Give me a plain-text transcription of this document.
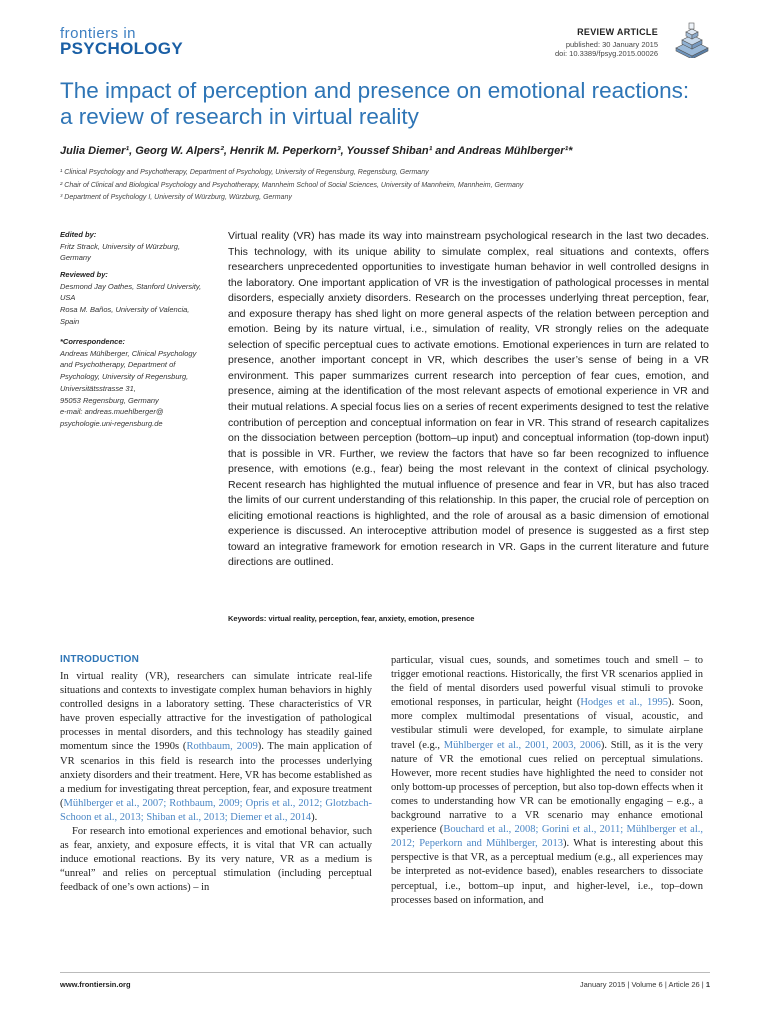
frontiers in
PSYCHOLOGY
REVIEW ARTICLE
published: 30 January 2015
doi: 10.3389/fpsyg.2015.00026
The impact of perception and presence on emotional reactions: a review of research in virtual reality
Julia Diemer¹, Georg W. Alpers², Henrik M. Peperkorn³, Youssef Shiban¹ and Andreas Mühlberger¹*
¹ Clinical Psychology and Psychotherapy, Department of Psychology, University of Regensburg, Regensburg, Germany
² Chair of Clinical and Biological Psychology and Psychotherapy, Mannheim School of Social Sciences, University of Mannheim, Mannheim, Germany
³ Department of Psychology I, University of Würzburg, Würzburg, Germany
Edited by:
Fritz Strack, University of Würzburg, Germany
Reviewed by:
Desmond Jay Oathes, Stanford University, USA
Rosa M. Baños, University of Valencia, Spain
*Correspondence:
Andreas Mühlberger, Clinical Psychology and Psychotherapy, Department of Psychology, University of Regensburg,
Universitätsstrasse 31,
95053 Regensburg, Germany
e-mail: andreas.muehlberger@
psychologie.uni-regensburg.de
Virtual reality (VR) has made its way into mainstream psychological research in the last two decades. This technology, with its unique ability to simulate complex, real situations and contexts, offers researchers unprecedented opportunities to investigate human behavior in well controlled designs in the laboratory. One important application of VR is the investigation of pathological processes in mental disorders, especially anxiety disorders. Research on the processes underlying threat perception, fear, and exposure therapy has shed light on more general aspects of the relation between perception and emotion. Being by its nature virtual, i.e., simulation of reality, VR strongly relies on the adequate selection of specific perceptual cues to activate emotions. Emotional experiences in turn are related to presence, another important concept in VR, which describes the user’s sense of being in a VR environment. This paper summarizes current research into perception of fear cues, emotion, and presence, aiming at the identification of the most relevant aspects of emotional experience in VR and their mutual relations. A special focus lies on a series of recent experiments designed to test the relative contribution of perception and conceptual information on fear in VR. This strand of research capitalizes on the dissociation between perception (bottom–up input) and conceptual information (top-down input) that is possible in VR. Further, we review the factors that have so far been recognized to influence presence, with emotions (e.g., fear) being the most relevant in the context of clinical psychology. Recent research has highlighted the mutual influence of presence and fear in VR, but has also traced the limits of our current understanding of this relationship. In this paper, the crucial role of perception on eliciting emotional reactions is highlighted, and the role of arousal as a basic dimension of emotional experience is discussed. An interoceptive attribution model of presence is suggested as a first step toward an integrative framework for emotion research in VR. Gaps in the current literature and future directions are outlined.
Keywords: virtual reality, perception, fear, anxiety, emotion, presence
INTRODUCTION

In virtual reality (VR), researchers can simulate intricate real-life situations and contexts to investigate complex human behaviors in highly controlled designs in a laboratory setting. These characteristics of VR have proven especially attractive for the investigation of pathological processes in mental disorders, and this technology has steadily gained momentum since the 1990s (Rothbaum, 2009). The main application of VR scenarios in this field is research into the processes underlying anxiety disorders and their treatment. Here, VR has become established as a medium for investigating threat perception, fear, and exposure treatment (Mühlberger et al., 2007; Rothbaum, 2009; Opris et al., 2012; Glotzbach-Schoon et al., 2013; Shiban et al., 2013; Diemer et al., 2014).

For research into emotional experiences and emotional behavior, such as fear, anxiety, and exposure effects, it is vital that VR can actually induce emotional reactions. By its very nature, VR as a medium is “unreal” and relies on perceptual stimulation (including perceptual feedback of one’s own actions) – in

particular, visual cues, sounds, and sometimes touch and smell – to trigger emotional reactions. Historically, the first VR scenarios applied in the field of mental disorders used powerful visual stimuli to provoke emotional responses, in particular, height (Hodges et al., 1995). Soon, more complex multimodal presentations of visual, acoustic, and vestibular stimuli were developed, for example, to simulate airplane travel (e.g., Mühlberger et al., 2001, 2003, 2006). Still, as it is the very nature of VR the emotional cues relied on perceptual simulations. However, more recent studies have highlighted the need to consider not only bottom-up processes of perception, but also top-down effects when it comes to understanding how VR can be emotionally engaging – e.g., a background narrative to a VR scenario may enhance emotional experience (Bouchard et al., 2008; Gorini et al., 2011; Mühlberger et al., 2012; Peperkorn and Mühlberger, 2013). What is interesting about this perspective is that VR, as a perceptual medium (e.g., all experiences may be interpreted as not-evidence based), enables researchers to dissociate perceptual, i.e., bottom–up input, and higher-level, i.e., top–down processes based on information, and

www.frontiersin.org	January 2015 | Volume 6 | Article 26 | 1
